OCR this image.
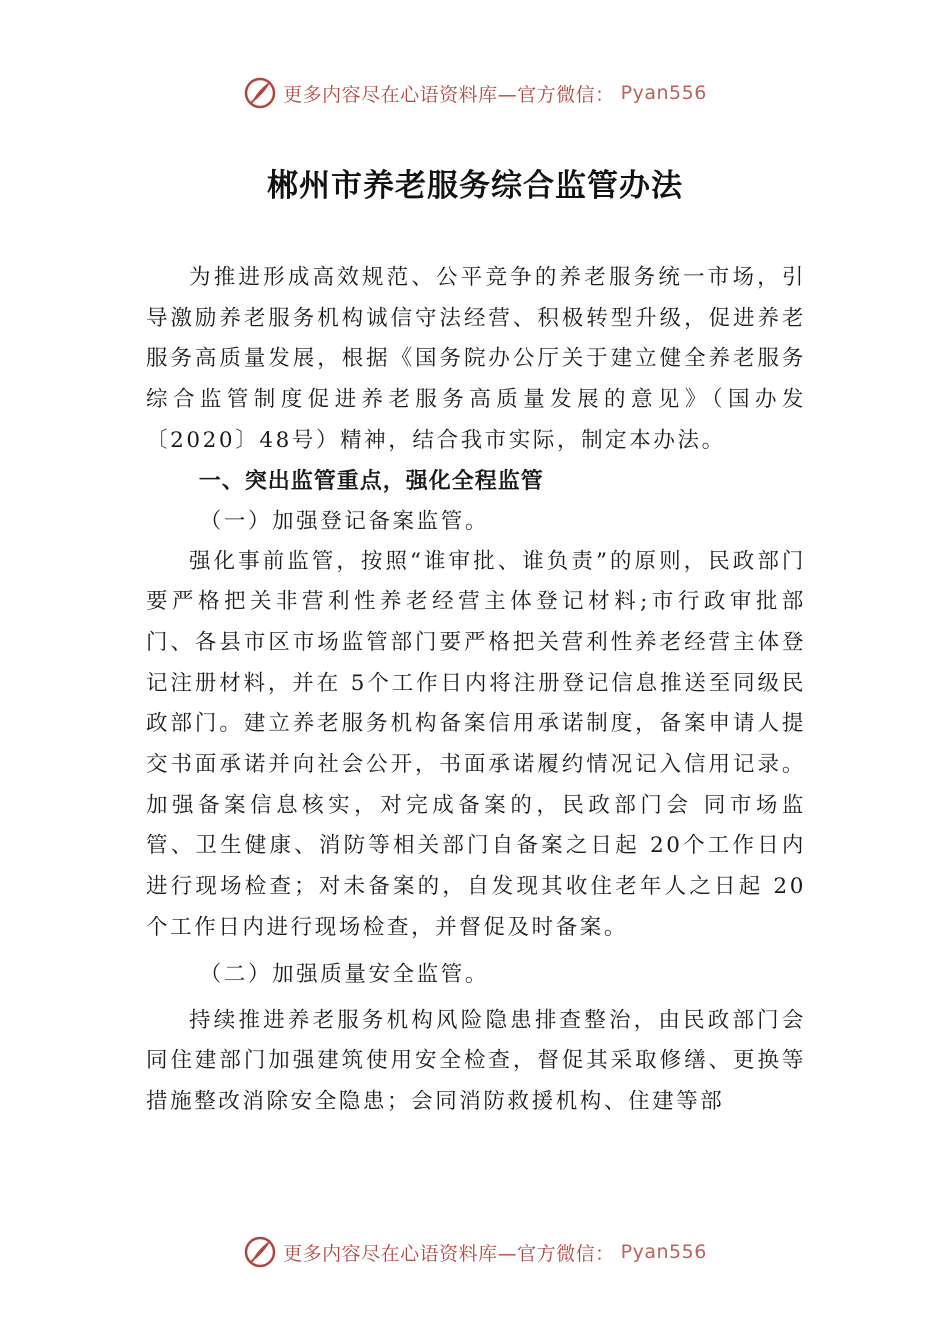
更多内容尽在心语资料库—官方微信： Pyan556
郴州市养老服务综合监管办法

为推进形成高效规范、公平竞争的养老服务统一市场，引导激励养老服务机构诚信守法经营、积极转型升级，促进养老服务高质量发展，根据《国务院办公厅关于建立健全养老服务综合监管制度促进养老服务高质量发展的意见》（国办发〔2020〕48号）精神，结合我市实际，制定本办法。

一、突出监管重点，强化全程监管

（一）加强登记备案监管。

强化事前监管，按照“谁审批、谁负责”的原则，民政部门要严格把关非营利性养老经营主体登记材料;市行政审批部门、各县市区市场监管部门要严格把关营利性养老经营主体登记注册材料，并在 5个工作日内将注册登记信息推送至同级民政部门。建立养老服务机构备案信用承诺制度，备案申请人提交书面承诺并向社会公开，书面承诺履约情况记入信用记录。加强备案信息核实，对完成备案的，民政部门会 同市场监管、卫生健康、消防等相关部门自备案之日起 20个工作日内进行现场检查；对未备案的，自发现其收住老年人之日起 20个工作日内进行现场检查，并督促及时备案。

（二）加强质量安全监管。

持续推进养老服务机构风险隐患排查整治，由民政部门会同住建部门加强建筑使用安全检查，督促其采取修缮、更换等措施整改消除安全隐患；会同消防救援机构、住建等部

更多内容尽在心语资料库—官方微信： Pyan556
